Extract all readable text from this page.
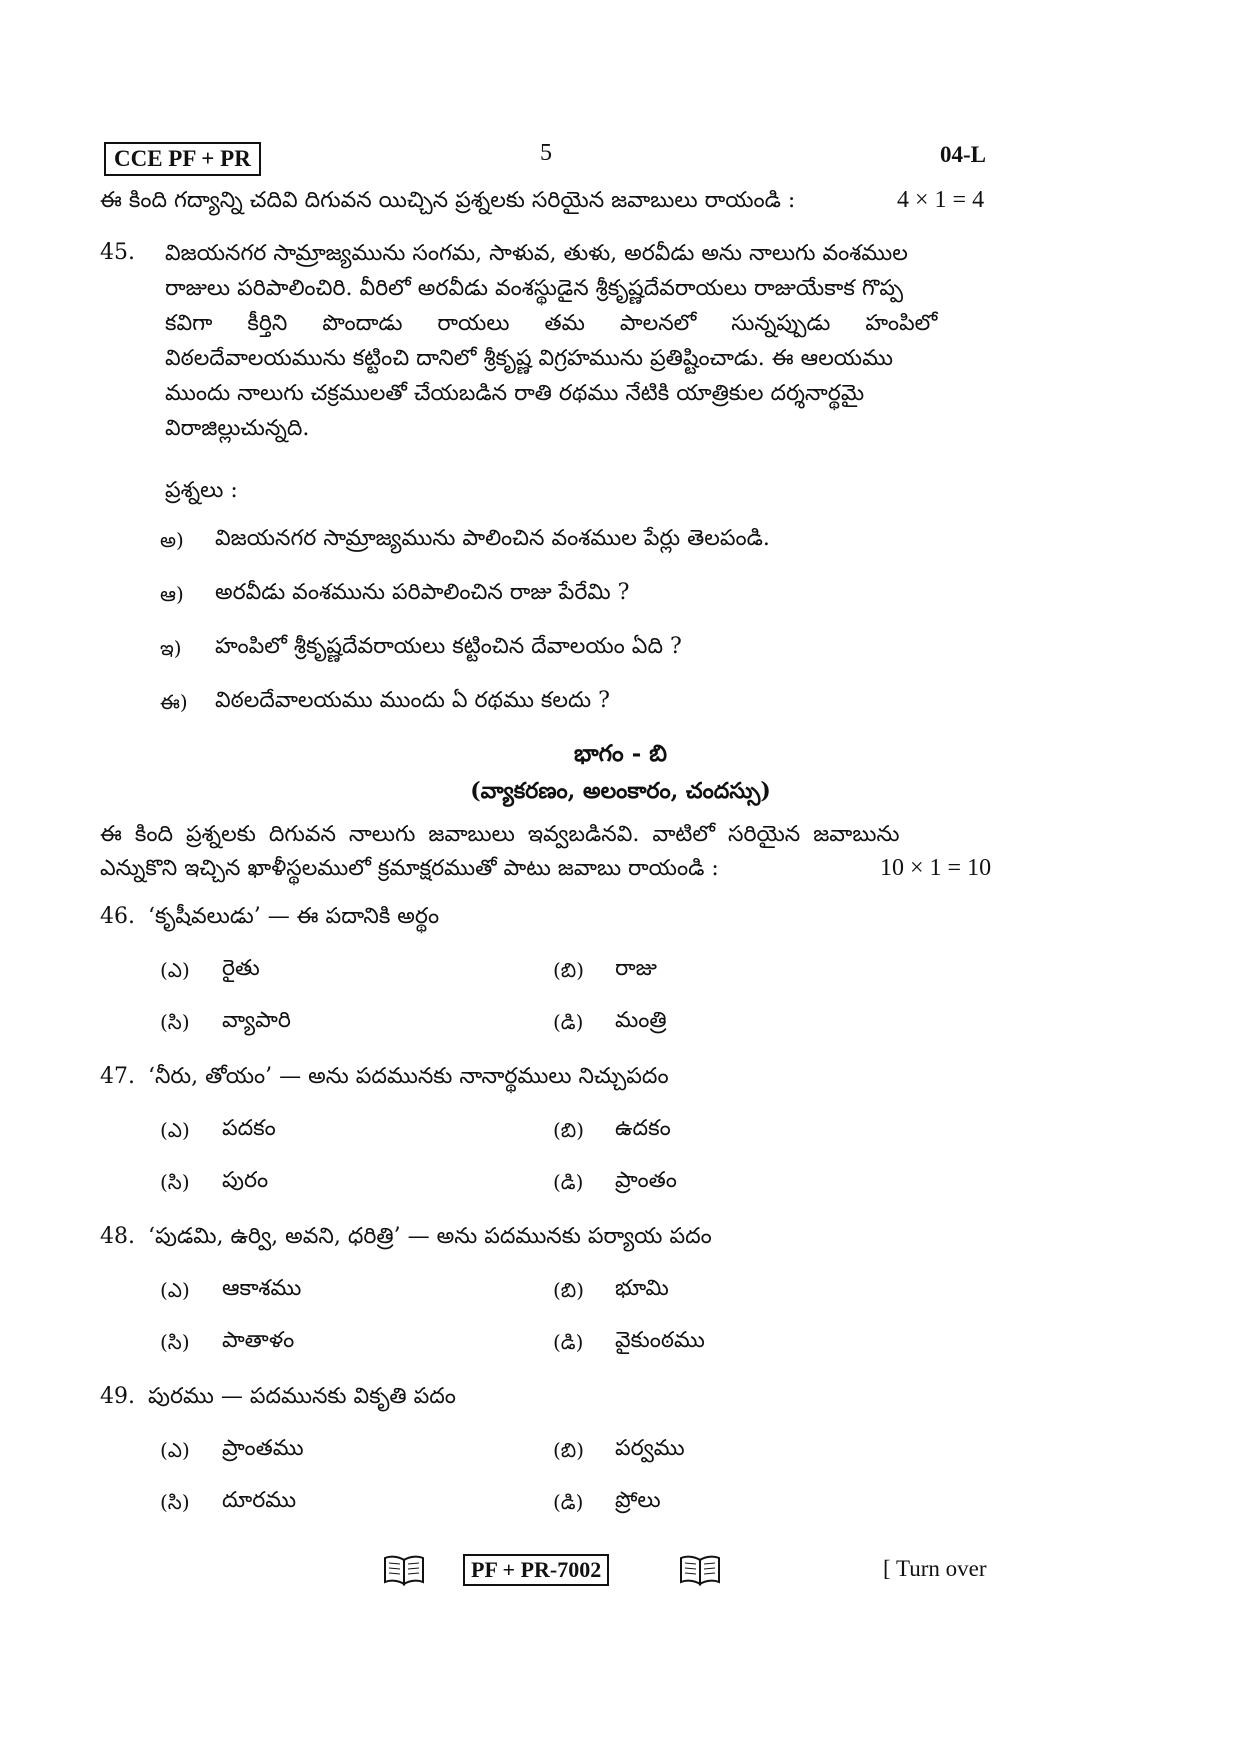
CCE PF + PR	5	04-L
ఈ కింది గద్యాన్ని చదివి దిగువన యిచ్చిన ప్రశ్నలకు సరియైన జవాబులు రాయండి :	4 × 1 = 4
45. విజయనగర సామ్రాజ్యమును సంగమ, సాళువ, తుళు, అరవీడు అను నాలుగు వంశముల
రాజులు పరిపాలించిరి. వీరిలో అరవీడు వంశస్థుడైన శ్రీకృష్ణదేవరాయలు రాజుయేకాక గొప్ప
కవిగా కీర్తిని పొందాడు రాయలు తమ పాలనలో సున్నప్పుడు హంపిలో
విఠలదేవాలయమును కట్టించి దానిలో శ్రీకృష్ణ విగ్రహమును ప్రతిష్టించాడు. ఈ ఆలయము
ముందు నాలుగు చక్రములతో చేయబడిన రాతి రథము నేటికి యాత్రికుల దర్శనార్థమై
విరాజిల్లుచున్నది.
ప్రశ్నలు :
అ) విజయనగర సామ్రాజ్యమును పాలించిన వంశముల పేర్లు తెలపండి.
ఆ) అరవీడు వంశమును పరిపాలించిన రాజు పేరేమి ?
ఇ) హంపిలో శ్రీకృష్ణదేవరాయలు కట్టించిన దేవాలయం ఏది ?
ఈ) విఠలదేవాలయము ముందు ఏ రథము కలదు ?
భాగం - బి
(వ్యాకరణం, అలంకారం, చందస్సు)
ఈ కింది ప్రశ్నలకు దిగువన నాలుగు జవాబులు ఇవ్వబడినవి. వాటిలో సరియైన జవాబును
ఎన్నుకొని ఇచ్చిన ఖాళీస్థలములో క్రమాక్షరముతో పాటు జవాబు రాయండి :	10 × 1 = 10
46. ‘కృషీవలుడు’ — ఈ పదానికి అర్థం
(ఎ) రైతు	(బి) రాజు
(సి) వ్యాపారి	(డి) మంత్రి
47. ‘నీరు, తోయం’ — అను పదమునకు నానార్థములు నిచ్చుపదం
(ఎ) పదకం	(బి) ఉదకం
(సి) పురం	(డి) ప్రాంతం
48. ‘పుడమి, ఉర్వి, అవని, ధరిత్రి’ — అను పదమునకు పర్యాయ పదం
(ఎ) ఆకాశము	(బి) భూమి
(సి) పాతాళం	(డి) వైకుంఠము
49. పురము — పదమునకు వికృతి పదం
(ఎ) ప్రాంతము	(బి) పర్వము
(సి) దూరము	(డి) ప్రోలు
PF + PR-7002	[ Turn over
